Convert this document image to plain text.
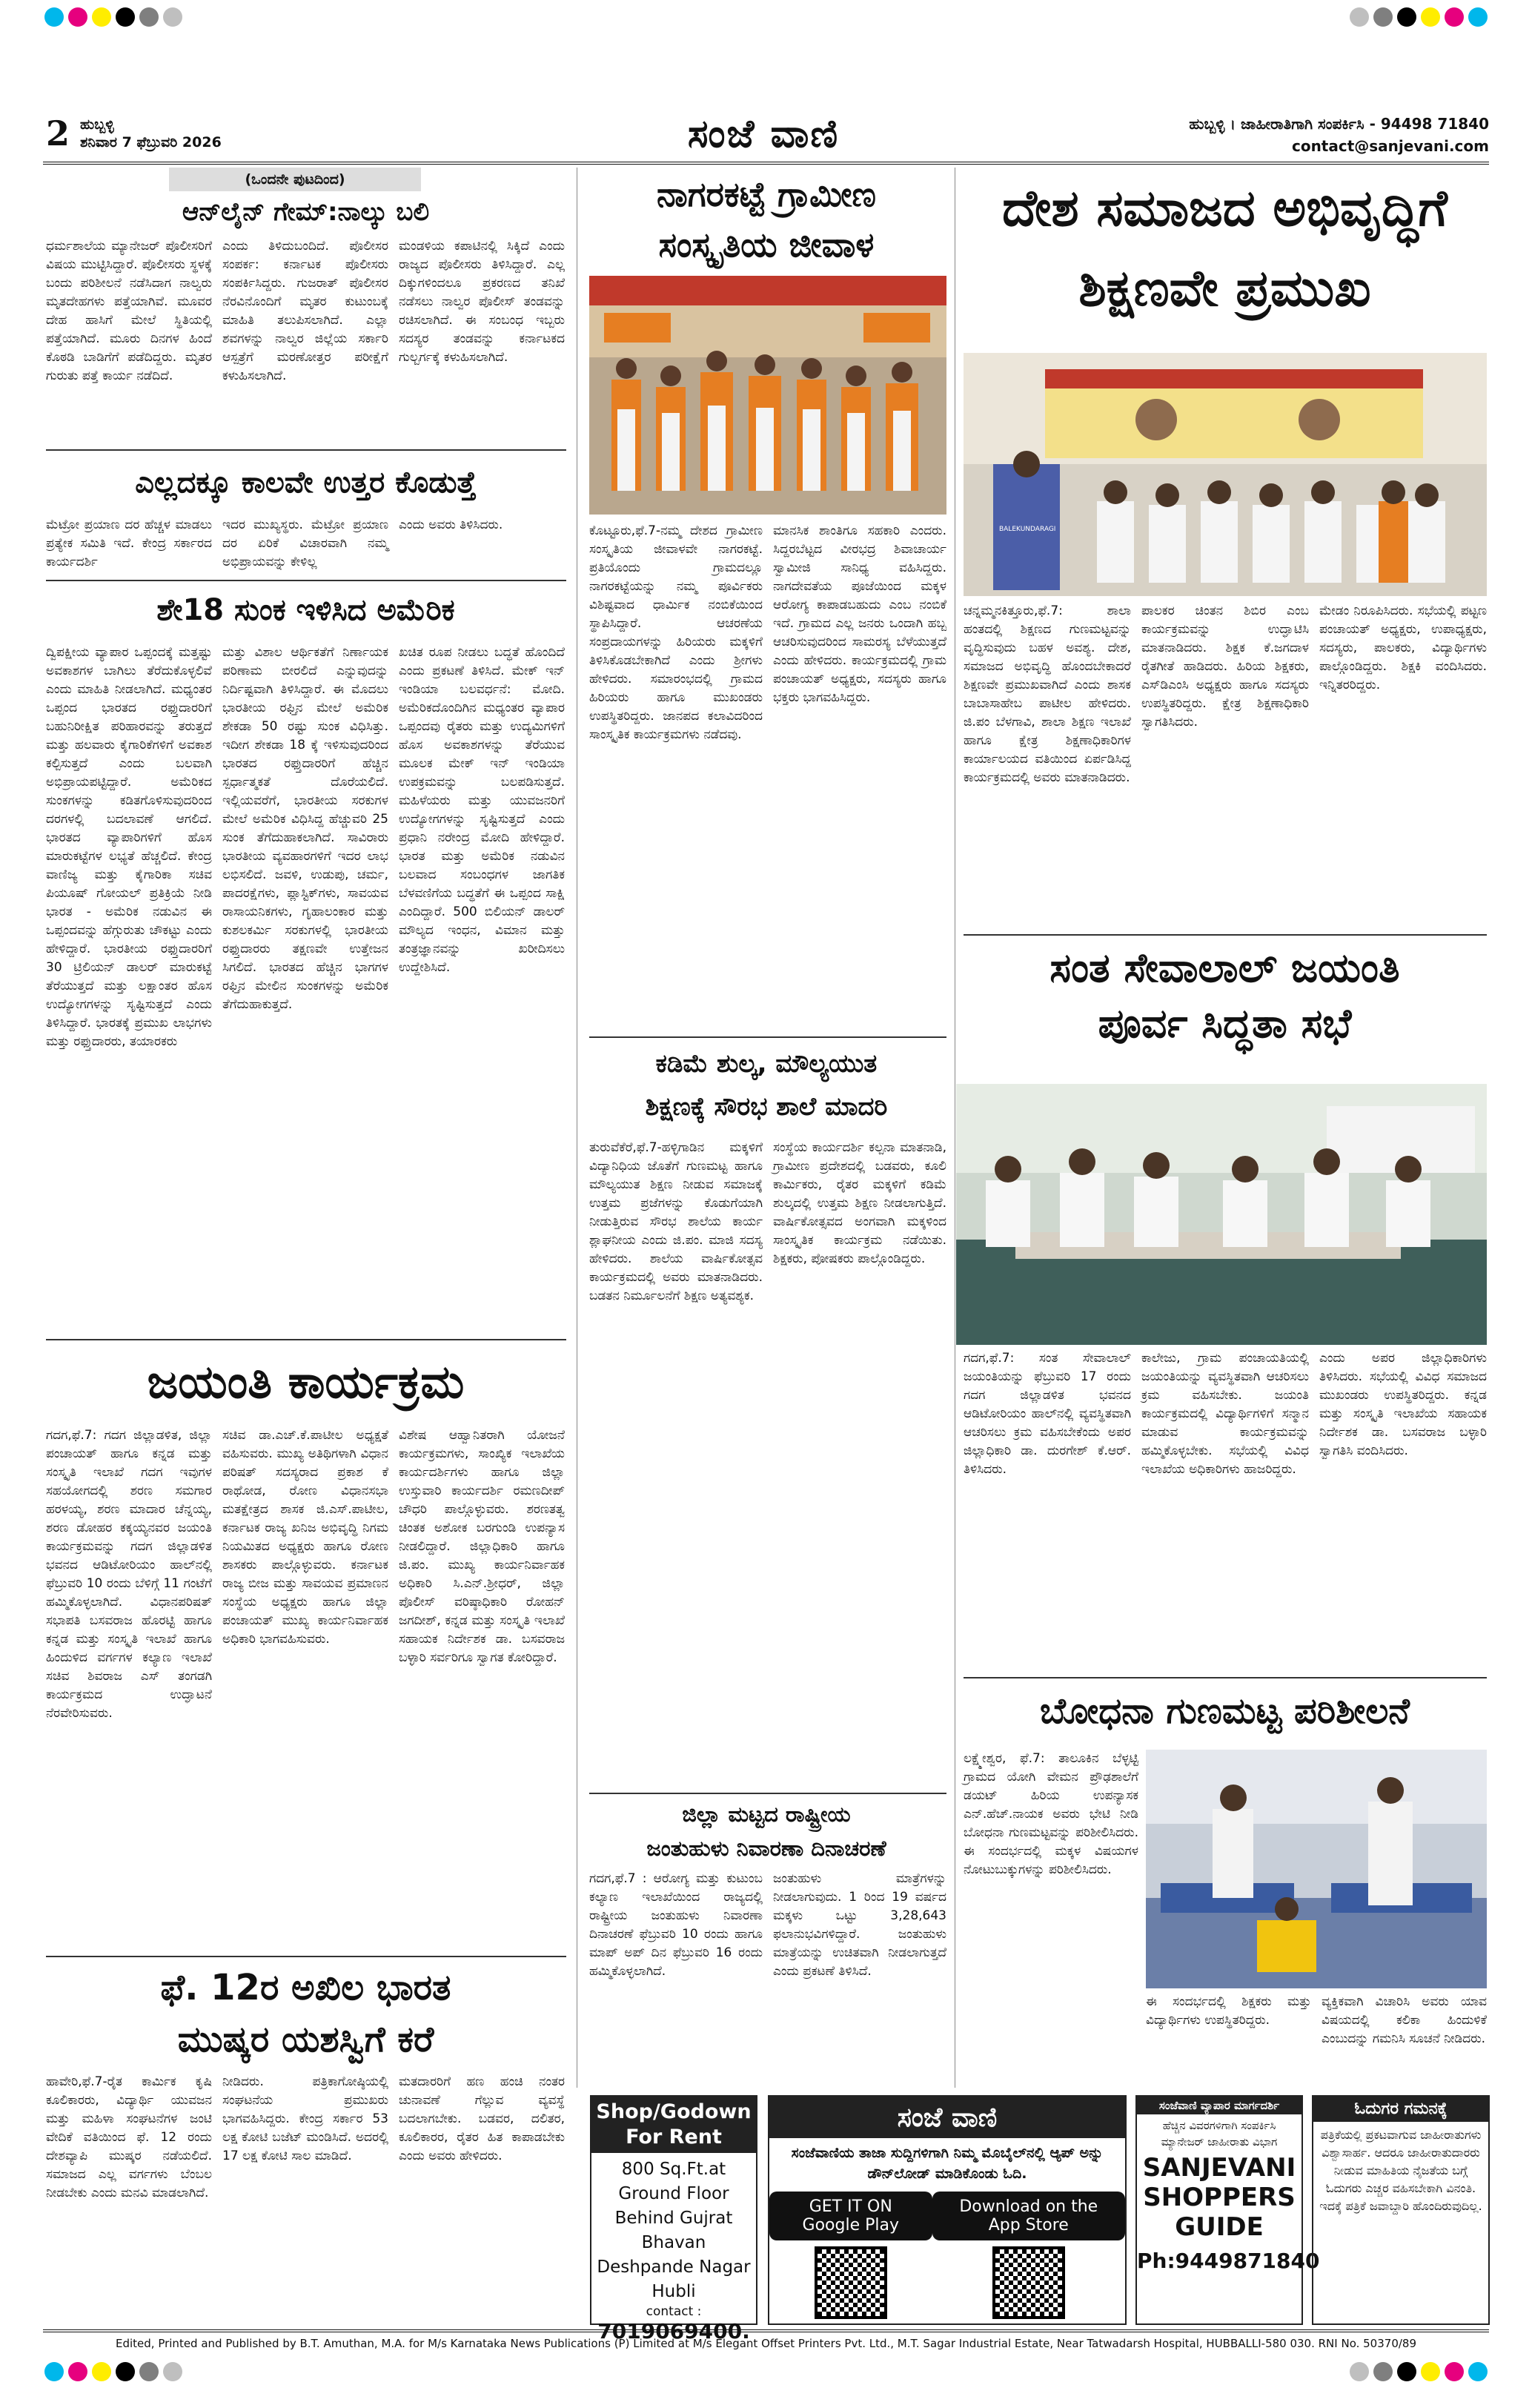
2 ಹುಬ್ಬಳ್ಳಿ
ಶನಿವಾರ 7 ಫೆಬ್ರುವರಿ 2026	ಸಂಜೆ ವಾಣಿ	ಹುಬ್ಬಳ್ಳಿ । ಜಾಹೀರಾತಿಗಾಗಿ ಸಂಪರ್ಕಿಸಿ - 94498 71840
contact@sanjevani.com
(ಒಂದನೇ ಪುಟದಿಂದ)
ಆನ್‌ಲೈನ್ ಗೇಮ್:ನಾಲ್ಕು ಬಲಿ

ಧರ್ಮಶಾಲೆಯ ಮ್ಯಾನೇಜರ್ ಪೊಲೀಸರಿಗೆ ವಿಷಯ ಮುಟ್ಟಿಸಿದ್ದಾರೆ. ಪೊಲೀಸರು ಸ್ಥಳಕ್ಕೆ ಬಂದು ಪರಿಶೀಲನೆ ನಡೆಸಿದಾಗ ನಾಲ್ವರು ಮೃತದೇಹಗಳು ಪತ್ತೆಯಾಗಿವೆ. ಮೂವರ ದೇಹ ಹಾಸಿಗೆ ಮೇಲೆ ಸ್ಥಿತಿಯಲ್ಲಿ ಪತ್ತೆಯಾಗಿದೆ. ಮೂರು ದಿನಗಳ ಹಿಂದೆ ಕೊಠಡಿ ಬಾಡಿಗೆಗೆ ಪಡೆದಿದ್ದರು. ಮೃತರ ಗುರುತು ಪತ್ತೆ ಕಾರ್ಯ ನಡೆದಿದೆ.

ಎಂದು ತಿಳಿದುಬಂದಿದೆ. ಪೊಲೀಸರ ಸಂಪರ್ಕ: ಕರ್ನಾಟಕ ಪೊಲೀಸರು ಸಂಪರ್ಕಿಸಿದ್ದರು. ಗುಜರಾತ್ ಪೊಲೀಸರ ನೆರವಿನೊಂದಿಗೆ ಮೃತರ ಕುಟುಂಬಕ್ಕೆ ಮಾಹಿತಿ ತಲುಪಿಸಲಾಗಿದೆ. ಎಲ್ಲಾ ಶವಗಳನ್ನು ನಾಲ್ವರ ಜಿಲ್ಲೆಯ ಸರ್ಕಾರಿ ಆಸ್ಪತ್ರೆಗೆ ಮರಣೋತ್ತರ ಪರೀಕ್ಷೆಗೆ ಕಳುಹಿಸಲಾಗಿದೆ.

ಮಂಡಳಿಯ ಕಪಾಟಿನಲ್ಲಿ ಸಿಕ್ಕಿದೆ ಎಂದು ರಾಜ್ಯದ ಪೊಲೀಸರು ತಿಳಿಸಿದ್ದಾರೆ. ಎಲ್ಲ ದಿಕ್ಕುಗಳಿಂದಲೂ ಪ್ರಕರಣದ ತನಿಖೆ ನಡೆಸಲು ನಾಲ್ವರ ಪೊಲೀಸ್ ತಂಡವನ್ನು ರಚಿಸಲಾಗಿದೆ. ಈ ಸಂಬಂಧ ಇಬ್ಬರು ಸದಸ್ಯರ ತಂಡವನ್ನು ಕರ್ನಾಟಕದ ಗುಲ್ಬರ್ಗಕ್ಕೆ ಕಳುಹಿಸಲಾಗಿದೆ.

ಎಲ್ಲದಕ್ಕೂ ಕಾಲವೇ ಉತ್ತರ ಕೊಡುತ್ತೆ

ಮೆಟ್ರೋ ಪ್ರಯಾಣ ದರ ಹೆಚ್ಚಳ ಮಾಡಲು ಪ್ರತ್ಯೇಕ ಸಮಿತಿ ಇದೆ. ಕೇಂದ್ರ ಸರ್ಕಾರದ ಕಾರ್ಯದರ್ಶಿ

ಇದರ ಮುಖ್ಯಸ್ಥರು. ಮೆಟ್ರೋ ಪ್ರಯಾಣ ದರ ಏರಿಕೆ ವಿಚಾರವಾಗಿ ನಮ್ಮ ಅಭಿಪ್ರಾಯವನ್ನು ಕೇಳಿಲ್ಲ

ಎಂದು ಅವರು ತಿಳಿಸಿದರು.

ಶೇ18 ಸುಂಕ ಇಳಿಸಿದ ಅಮೆರಿಕ

ದ್ವಿಪಕ್ಷೀಯ ವ್ಯಾಪಾರ ಒಪ್ಪಂದಕ್ಕೆ ಮತ್ತಷ್ಟು ಅವಕಾಶಗಳ ಬಾಗಿಲು ತೆರೆದುಕೊಳ್ಳಲಿವೆ ಎಂದು ಮಾಹಿತಿ ನೀಡಲಾಗಿದೆ. ಮಧ್ಯಂತರ ಒಪ್ಪಂದ ಭಾರತದ ರಫ್ತುದಾರರಿಗೆ ಬಹುನಿರೀಕ್ಷಿತ ಪರಿಹಾರವನ್ನು ತರುತ್ತದೆ ಮತ್ತು ಹಲವಾರು ಕೈಗಾರಿಕೆಗಳಿಗೆ ಅವಕಾಶ ಕಲ್ಪಿಸುತ್ತದೆ ಎಂದು ಬಲವಾಗಿ ಅಭಿಪ್ರಾಯಪಟ್ಟಿದ್ದಾರೆ. ಅಮೆರಿಕದ ಸುಂಕಗಳನ್ನು ಕಡಿತಗೊಳಿಸುವುದರಿಂದ ದರಗಳಲ್ಲಿ ಬದಲಾವಣೆ ಆಗಲಿದೆ. ಭಾರತದ ವ್ಯಾಪಾರಿಗಳಿಗೆ ಹೊಸ ಮಾರುಕಟ್ಟೆಗಳ ಲಭ್ಯತೆ ಹೆಚ್ಚಲಿದೆ. ಕೇಂದ್ರ ವಾಣಿಜ್ಯ ಮತ್ತು ಕೈಗಾರಿಕಾ ಸಚಿವ ಪಿಯೂಷ್ ಗೋಯಲ್ ಪ್ರತಿಕ್ರಿಯೆ ನೀಡಿ ಭಾರತ - ಅಮೆರಿಕ ನಡುವಿನ ಈ ಒಪ್ಪಂದವನ್ನು ಹೆಗ್ಗುರುತು ಚೌಕಟ್ಟು ಎಂದು ಹೇಳಿದ್ದಾರೆ. ಭಾರತೀಯ ರಫ್ತುದಾರರಿಗೆ 30 ಟ್ರಿಲಿಯನ್ ಡಾಲರ್ ಮಾರುಕಟ್ಟೆ ತೆರೆಯುತ್ತದೆ ಮತ್ತು ಲಕ್ಷಾಂತರ ಹೊಸ ಉದ್ಯೋಗಗಳನ್ನು ಸೃಷ್ಟಿಸುತ್ತದೆ ಎಂದು ತಿಳಿಸಿದ್ದಾರೆ. ಭಾರತಕ್ಕೆ ಪ್ರಮುಖ ಲಾಭಗಳು ಮತ್ತು ರಫ್ತುದಾರರು, ತಯಾರಕರು

ಮತ್ತು ವಿಶಾಲ ಆರ್ಥಿಕತೆಗೆ ನಿರ್ಣಾಯಕ ಪರಿಣಾಮ ಬೀರಲಿದೆ ಎನ್ನುವುದನ್ನು ನಿರ್ದಿಷ್ಟವಾಗಿ ತಿಳಿಸಿದ್ದಾರೆ. ಈ ಮೊದಲು ಭಾರತೀಯ ರಫ್ತಿನ ಮೇಲೆ ಅಮೆರಿಕ ಶೇಕಡಾ 50 ರಷ್ಟು ಸುಂಕ ವಿಧಿಸಿತ್ತು. ಇದೀಗ ಶೇಕಡಾ 18 ಕ್ಕೆ ಇಳಿಸುವುದರಿಂದ ಭಾರತದ ರಫ್ತುದಾರರಿಗೆ ಹೆಚ್ಚಿನ ಸ್ಪರ್ಧಾತ್ಮಕತೆ ದೊರೆಯಲಿದೆ. ಇಲ್ಲಿಯವರೆಗೆ, ಭಾರತೀಯ ಸರಕುಗಳ ಮೇಲೆ ಅಮೆರಿಕ ವಿಧಿಸಿದ್ದ ಹೆಚ್ಚುವರಿ 25 ಸುಂಕ ತೆಗೆದುಹಾಕಲಾಗಿದೆ. ಸಾವಿರಾರು ಭಾರತೀಯ ವ್ಯವಹಾರಗಳಿಗೆ ಇದರ ಲಾಭ ಲಭಿಸಲಿದೆ. ಜವಳಿ, ಉಡುಪು, ಚರ್ಮ, ಪಾದರಕ್ಷೆಗಳು, ಪ್ಲಾಸ್ಟಿಕ್‌ಗಳು, ಸಾವಯವ ರಾಸಾಯನಿಕಗಳು, ಗೃಹಾಲಂಕಾರ ಮತ್ತು ಕುಶಲಕರ್ಮಿ ಸರಕುಗಳಲ್ಲಿ ಭಾರತೀಯ ರಫ್ತುದಾರರು ತಕ್ಷಣವೇ ಉತ್ತೇಜನ ಸಿಗಲಿದೆ. ಭಾರತದ ಹೆಚ್ಚಿನ ಭಾಗಗಳ ರಫ್ತಿನ ಮೇಲಿನ ಸುಂಕಗಳನ್ನು ಅಮೆರಿಕ ತೆಗೆದುಹಾಕುತ್ತದೆ.

ಖಚಿತ ರೂಪ ನೀಡಲು ಬದ್ಧತೆ ಹೊಂದಿದೆ ಎಂದು ಪ್ರಕಟಣೆ ತಿಳಿಸಿದೆ. ಮೇಕ್ ಇನ್ ಇಂಡಿಯಾ ಬಲವರ್ಧನೆ: ಮೋದಿ. ಅಮೆರಿಕದೊಂದಿಗಿನ ಮಧ್ಯಂತರ ವ್ಯಾಪಾರ ಒಪ್ಪಂದವು ರೈತರು ಮತ್ತು ಉದ್ಯಮಿಗಳಿಗೆ ಹೊಸ ಅವಕಾಶಗಳನ್ನು ತೆರೆಯುವ ಮೂಲಕ ಮೇಕ್ ಇನ್ ಇಂಡಿಯಾ ಉಪಕ್ರಮವನ್ನು ಬಲಪಡಿಸುತ್ತದೆ. ಮಹಿಳೆಯರು ಮತ್ತು ಯುವಜನರಿಗೆ ಉದ್ಯೋಗಗಳನ್ನು ಸೃಷ್ಟಿಸುತ್ತದೆ ಎಂದು ಪ್ರಧಾನಿ ನರೇಂದ್ರ ಮೋದಿ ಹೇಳಿದ್ದಾರೆ. ಭಾರತ ಮತ್ತು ಅಮೆರಿಕ ನಡುವಿನ ಬಲವಾದ ಸಂಬಂಧಗಳ ಜಾಗತಿಕ ಬೆಳವಣಿಗೆಯ ಬದ್ಧತೆಗೆ ಈ ಒಪ್ಪಂದ ಸಾಕ್ಷಿ ಎಂದಿದ್ದಾರೆ. 500 ಬಿಲಿಯನ್ ಡಾಲರ್ ಮೌಲ್ಯದ ಇಂಧನ, ವಿಮಾನ ಮತ್ತು ತಂತ್ರಜ್ಞಾನವನ್ನು ಖರೀದಿಸಲು ಉದ್ದೇಶಿಸಿದೆ.

ಜಯಂತಿ ಕಾರ್ಯಕ್ರಮ

ಗದಗ,ಫೆ.7: ಗದಗ ಜಿಲ್ಲಾಡಳಿತ, ಜಿಲ್ಲಾ ಪಂಚಾಯತ್ ಹಾಗೂ ಕನ್ನಡ ಮತ್ತು ಸಂಸ್ಕೃತಿ ಇಲಾಖೆ ಗದಗ ಇವುಗಳ ಸಹಯೋಗದಲ್ಲಿ ಶರಣ ಸಮಗಾರ ಹರಳಯ್ಯ, ಶರಣ ಮಾದಾರ ಚೆನ್ನಯ್ಯ, ಶರಣ ಡೋಹರ ಕಕ್ಕಯ್ಯನವರ ಜಯಂತಿ ಕಾರ್ಯಕ್ರಮವನ್ನು ಗದಗ ಜಿಲ್ಲಾಡಳಿತ ಭವನದ ಆಡಿಟೋರಿಯಂ ಹಾಲ್‌ನಲ್ಲಿ ಫೆಬ್ರುವರಿ 10 ರಂದು ಬೆಳಿಗ್ಗೆ 11 ಗಂಟೆಗೆ ಹಮ್ಮಿಕೊಳ್ಳಲಾಗಿದೆ. ವಿಧಾನಪರಿಷತ್ ಸಭಾಪತಿ ಬಸವರಾಜ ಹೊರಟ್ಟಿ ಹಾಗೂ ಕನ್ನಡ ಮತ್ತು ಸಂಸ್ಕೃತಿ ಇಲಾಖೆ ಹಾಗೂ ಹಿಂದುಳಿದ ವರ್ಗಗಳ ಕಲ್ಯಾಣ ಇಲಾಖೆ ಸಚಿವ ಶಿವರಾಜ ಎಸ್ ತಂಗಡಗಿ ಕಾರ್ಯಕ್ರಮದ ಉದ್ಘಾಟನೆ ನೆರವೇರಿಸುವರು.

ಸಚಿವ ಡಾ.ಎಚ್.ಕೆ.ಪಾಟೀಲ ಅಧ್ಯಕ್ಷತೆ ವಹಿಸುವರು. ಮುಖ್ಯ ಅತಿಥಿಗಳಾಗಿ ವಿಧಾನ ಪರಿಷತ್ ಸದಸ್ಯರಾದ ಪ್ರಕಾಶ ಕೆ ರಾಥೋಡ, ರೋಣ ವಿಧಾನಸಭಾ ಮತಕ್ಷೇತ್ರದ ಶಾಸಕ ಜಿ.ಎಸ್.ಪಾಟೀಲ, ಕರ್ನಾಟಕ ರಾಜ್ಯ ಖನಿಜ ಅಭಿವೃದ್ಧಿ ನಿಗಮ ನಿಯಮಿತದ ಅಧ್ಯಕ್ಷರು ಹಾಗೂ ರೋಣ ಶಾಸಕರು ಪಾಲ್ಗೊಳ್ಳುವರು. ಕರ್ನಾಟಕ ರಾಜ್ಯ ಬೀಜ ಮತ್ತು ಸಾವಯವ ಪ್ರಮಾಣನ ಸಂಸ್ಥೆಯ ಅಧ್ಯಕ್ಷರು ಹಾಗೂ ಜಿಲ್ಲಾ ಪಂಚಾಯತ್ ಮುಖ್ಯ ಕಾರ್ಯನಿರ್ವಾಹಕ ಅಧಿಕಾರಿ ಭಾಗವಹಿಸುವರು.

ವಿಶೇಷ ಆಹ್ವಾನಿತರಾಗಿ ಯೋಜನೆ ಕಾರ್ಯಕ್ರಮಗಳು, ಸಾಂಖ್ಯಿಕ ಇಲಾಖೆಯ ಕಾರ್ಯದರ್ಶಿಗಳು ಹಾಗೂ ಜಿಲ್ಲಾ ಉಸ್ತುವಾರಿ ಕಾರ್ಯದರ್ಶಿ ರಮಣದೀಪ್ ಚೌಧರಿ ಪಾಲ್ಗೊಳ್ಳುವರು. ಶರಣತತ್ವ ಚಿಂತಕ ಅಶೋಕ ಬರಗುಂಡಿ ಉಪನ್ಯಾಸ ನೀಡಲಿದ್ದಾರೆ. ಜಿಲ್ಲಾಧಿಕಾರಿ ಹಾಗೂ ಜಿ.ಪಂ. ಮುಖ್ಯ ಕಾರ್ಯನಿರ್ವಾಹಕ ಅಧಿಕಾರಿ ಸಿ.ಎನ್.ಶ್ರೀಧರ್, ಜಿಲ್ಲಾ ಪೊಲೀಸ್ ವರಿಷ್ಠಾಧಿಕಾರಿ ರೋಹನ್ ಜಗದೀಶ್, ಕನ್ನಡ ಮತ್ತು ಸಂಸ್ಕೃತಿ ಇಲಾಖೆ ಸಹಾಯಕ ನಿರ್ದೇಶಕ ಡಾ. ಬಸವರಾಜ ಬಳ್ಳಾರಿ ಸರ್ವರಿಗೂ ಸ್ವಾಗತ ಕೋರಿದ್ದಾರೆ.

ಫೆ. 12ರ ಅಖಿಲ ಭಾರತ
ಮುಷ್ಕರ ಯಶಸ್ವಿಗೆ ಕರೆ

ಹಾವೇರಿ,ಫೆ.7-ರೈತ ಕಾರ್ಮಿಕ ಕೃಷಿ ಕೂಲಿಕಾರರು, ವಿದ್ಯಾರ್ಥಿ ಯುವಜನ ಮತ್ತು ಮಹಿಳಾ ಸಂಘಟನೆಗಳ ಜಂಟಿ ವೇದಿಕೆ ವತಿಯಿಂದ ಫೆ. 12 ರಂದು ದೇಶವ್ಯಾಪಿ ಮುಷ್ಕರ ನಡೆಯಲಿದೆ. ಸಮಾಜದ ಎಲ್ಲ ವರ್ಗಗಳು ಬೆಂಬಲ ನೀಡಬೇಕು ಎಂದು ಮನವಿ ಮಾಡಲಾಗಿದೆ.

ನೀಡಿದರು. ಪತ್ರಿಕಾಗೋಷ್ಠಿಯಲ್ಲಿ ಸಂಘಟನೆಯ ಪ್ರಮುಖರು ಭಾಗವಹಿಸಿದ್ದರು. ಕೇಂದ್ರ ಸರ್ಕಾರ 53 ಲಕ್ಷ ಕೋಟಿ ಬಜೆಟ್ ಮಂಡಿಸಿದೆ. ಅದರಲ್ಲಿ 17 ಲಕ್ಷ ಕೋಟಿ ಸಾಲ ಮಾಡಿದೆ.

ಮತದಾರರಿಗೆ ಹಣ ಹಂಚಿ ನಂತರ ಚುನಾವಣೆ ಗೆಲ್ಲುವ ವ್ಯವಸ್ಥೆ ಬದಲಾಗಬೇಕು. ಬಡವರ, ದಲಿತರ, ಕೂಲಿಕಾರರ, ರೈತರ ಹಿತ ಕಾಪಾಡಬೇಕು ಎಂದು ಅವರು ಹೇಳಿದರು.

ನಾಗರಕಟ್ಟೆ ಗ್ರಾಮೀಣ
ಸಂಸ್ಕೃತಿಯ ಜೀವಾಳ

ಕೊಟ್ಟೂರು,ಫೆ.7-ನಮ್ಮ ದೇಶದ ಗ್ರಾಮೀಣ ಸಂಸ್ಕೃತಿಯ ಜೀವಾಳವೇ ನಾಗರಕಟ್ಟೆ. ಪ್ರತಿಯೊಂದು ಗ್ರಾಮದಲ್ಲೂ ನಾಗರಕಟ್ಟೆಯನ್ನು ನಮ್ಮ ಪೂರ್ವಿಕರು ವಿಶಿಷ್ಟವಾದ ಧಾರ್ಮಿಕ ನಂಬಿಕೆಯಿಂದ ಸ್ಥಾಪಿಸಿದ್ದಾರೆ. ಆಚರಣೆಯ ಸಂಪ್ರದಾಯಗಳನ್ನು ಹಿರಿಯರು ಮಕ್ಕಳಿಗೆ ತಿಳಿಸಿಕೊಡಬೇಕಾಗಿದೆ ಎಂದು ಶ್ರೀಗಳು ಹೇಳಿದರು. ಸಮಾರಂಭದಲ್ಲಿ ಗ್ರಾಮದ ಹಿರಿಯರು ಹಾಗೂ ಮುಖಂಡರು ಉಪಸ್ಥಿತರಿದ್ದರು. ಜಾನಪದ ಕಲಾವಿದರಿಂದ ಸಾಂಸ್ಕೃತಿಕ ಕಾರ್ಯಕ್ರಮಗಳು ನಡೆದವು.

ಮಾನಸಿಕ ಶಾಂತಿಗೂ ಸಹಕಾರಿ ಎಂದರು. ಸಿದ್ದರಬೆಟ್ಟದ ವೀರಭದ್ರ ಶಿವಾಚಾರ್ಯ ಸ್ವಾಮೀಜಿ ಸಾನಿಧ್ಯ ವಹಿಸಿದ್ದರು. ನಾಗದೇವತೆಯ ಪೂಜೆಯಿಂದ ಮಕ್ಕಳ ಆರೋಗ್ಯ ಕಾಪಾಡಬಹುದು ಎಂಬ ನಂಬಿಕೆ ಇದೆ. ಗ್ರಾಮದ ಎಲ್ಲ ಜನರು ಒಂದಾಗಿ ಹಬ್ಬ ಆಚರಿಸುವುದರಿಂದ ಸಾಮರಸ್ಯ ಬೆಳೆಯುತ್ತದೆ ಎಂದು ಹೇಳಿದರು. ಕಾರ್ಯಕ್ರಮದಲ್ಲಿ ಗ್ರಾಮ ಪಂಚಾಯತ್ ಅಧ್ಯಕ್ಷರು, ಸದಸ್ಯರು ಹಾಗೂ ಭಕ್ತರು ಭಾಗವಹಿಸಿದ್ದರು.

ಕಡಿಮೆ ಶುಲ್ಕ, ಮೌಲ್ಯಯುತ
ಶಿಕ್ಷಣಕ್ಕೆ ಸೌರಭ ಶಾಲೆ ಮಾದರಿ

ತುರುವೆಕೆರೆ,ಫೆ.7-ಹಳ್ಳಿಗಾಡಿನ ಮಕ್ಕಳಿಗೆ ವಿದ್ಯಾನಿಧಿಯ ಜೊತೆಗೆ ಗುಣಮಟ್ಟ ಹಾಗೂ ಮೌಲ್ಯಯುತ ಶಿಕ್ಷಣ ನೀಡುವ ಸಮಾಜಕ್ಕೆ ಉತ್ತಮ ಪ್ರಜೆಗಳನ್ನು ಕೊಡುಗೆಯಾಗಿ ನೀಡುತ್ತಿರುವ ಸೌರಭ ಶಾಲೆಯ ಕಾರ್ಯ ಶ್ಲಾಘನೀಯ ಎಂದು ಜಿ.ಪಂ. ಮಾಜಿ ಸದಸ್ಯ ಹೇಳಿದರು. ಶಾಲೆಯ ವಾರ್ಷಿಕೋತ್ಸವ ಕಾರ್ಯಕ್ರಮದಲ್ಲಿ ಅವರು ಮಾತನಾಡಿದರು. ಬಡತನ ನಿರ್ಮೂಲನೆಗೆ ಶಿಕ್ಷಣ ಅತ್ಯವಶ್ಯಕ.

ಸಂಸ್ಥೆಯ ಕಾರ್ಯದರ್ಶಿ ಕಲ್ಪನಾ ಮಾತನಾಡಿ, ಗ್ರಾಮೀಣ ಪ್ರದೇಶದಲ್ಲಿ ಬಡವರು, ಕೂಲಿ ಕಾರ್ಮಿಕರು, ರೈತರ ಮಕ್ಕಳಿಗೆ ಕಡಿಮೆ ಶುಲ್ಕದಲ್ಲಿ ಉತ್ತಮ ಶಿಕ್ಷಣ ನೀಡಲಾಗುತ್ತಿದೆ. ವಾರ್ಷಿಕೋತ್ಸವದ ಅಂಗವಾಗಿ ಮಕ್ಕಳಿಂದ ಸಾಂಸ್ಕೃತಿಕ ಕಾರ್ಯಕ್ರಮ ನಡೆಯಿತು. ಶಿಕ್ಷಕರು, ಪೋಷಕರು ಪಾಲ್ಗೊಂಡಿದ್ದರು.

ಜಿಲ್ಲಾ ಮಟ್ಟದ ರಾಷ್ಟ್ರೀಯ
ಜಂತುಹುಳು ನಿವಾರಣಾ ದಿನಾಚರಣೆ

ಗದಗ,ಫೆ.7 : ಆರೋಗ್ಯ ಮತ್ತು ಕುಟುಂಬ ಕಲ್ಯಾಣ ಇಲಾಖೆಯಿಂದ ರಾಜ್ಯದಲ್ಲಿ ರಾಷ್ಟ್ರೀಯ ಜಂತುಹುಳು ನಿವಾರಣಾ ದಿನಾಚರಣೆ ಫೆಬ್ರುವರಿ 10 ರಂದು ಹಾಗೂ ಮಾಪ್ ಅಪ್ ದಿನ ಫೆಬ್ರುವರಿ 16 ರಂದು ಹಮ್ಮಿಕೊಳ್ಳಲಾಗಿದೆ.

ಜಂತುಹುಳು ಮಾತ್ರೆಗಳನ್ನು ನೀಡಲಾಗುವುದು. 1 ರಿಂದ 19 ವರ್ಷದ ಮಕ್ಕಳು ಒಟ್ಟು 3,28,643 ಫಲಾನುಭವಿಗಳಿದ್ದಾರೆ. ಜಂತುಹುಳು ಮಾತ್ರೆಯನ್ನು ಉಚಿತವಾಗಿ ನೀಡಲಾಗುತ್ತದೆ ಎಂದು ಪ್ರಕಟಣೆ ತಿಳಿಸಿದೆ.

ದೇಶ ಸಮಾಜದ ಅಭಿವೃದ್ಧಿಗೆ
ಶಿಕ್ಷಣವೇ ಪ್ರಮುಖ
BALEKUNDARAGI

ಚನ್ನಮ್ಮನಕಿತ್ತೂರು,ಫೆ.7: ಶಾಲಾ ಹಂತದಲ್ಲಿ ಶಿಕ್ಷಣದ ಗುಣಮಟ್ಟವನ್ನು ವೃದ್ಧಿಸುವುದು ಬಹಳ ಅವಶ್ಯ. ದೇಶ, ಸಮಾಜದ ಅಭಿವೃದ್ಧಿ ಹೊಂದಬೇಕಾದರೆ ಶಿಕ್ಷಣವೇ ಪ್ರಮುಖವಾಗಿದೆ ಎಂದು ಶಾಸಕ ಬಾಬಾಸಾಹೇಬ ಪಾಟೀಲ ಹೇಳಿದರು. ಜಿ.ಪಂ ಬೆಳಗಾವಿ, ಶಾಲಾ ಶಿಕ್ಷಣ ಇಲಾಖೆ ಹಾಗೂ ಕ್ಷೇತ್ರ ಶಿಕ್ಷಣಾಧಿಕಾರಿಗಳ ಕಾರ್ಯಾಲಯದ ವತಿಯಿಂದ ಏರ್ಪಡಿಸಿದ್ದ ಕಾರ್ಯಕ್ರಮದಲ್ಲಿ ಅವರು ಮಾತನಾಡಿದರು.

ಪಾಲಕರ ಚಿಂತನ ಶಿಬಿರ ಎಂಬ ಕಾರ್ಯಕ್ರಮವನ್ನು ಉದ್ಘಾಟಿಸಿ ಮಾತನಾಡಿದರು. ಶಿಕ್ಷಕ ಕೆ.ಜಗದಾಳ ರೈತಗೀತೆ ಹಾಡಿದರು. ಹಿರಿಯ ಶಿಕ್ಷಕರು, ಎಸ್‌ಡಿಎಂಸಿ ಅಧ್ಯಕ್ಷರು ಹಾಗೂ ಸದಸ್ಯರು ಉಪಸ್ಥಿತರಿದ್ದರು. ಕ್ಷೇತ್ರ ಶಿಕ್ಷಣಾಧಿಕಾರಿ ಸ್ವಾಗತಿಸಿದರು.

ಮೇಡಂ ನಿರೂಪಿಸಿದರು. ಸಭೆಯಲ್ಲಿ ಪಟ್ಟಣ ಪಂಚಾಯತ್ ಅಧ್ಯಕ್ಷರು, ಉಪಾಧ್ಯಕ್ಷರು, ಸದಸ್ಯರು, ಪಾಲಕರು, ವಿದ್ಯಾರ್ಥಿಗಳು ಪಾಲ್ಗೊಂಡಿದ್ದರು. ಶಿಕ್ಷಕಿ ವಂದಿಸಿದರು. ಇನ್ನಿತರರಿದ್ದರು.

ಸಂತ ಸೇವಾಲಾಲ್ ಜಯಂತಿ
ಪೂರ್ವ ಸಿದ್ಧತಾ ಸಭೆ

ಗದಗ,ಫೆ.7: ಸಂತ ಸೇವಾಲಾಲ್ ಜಯಂತಿಯನ್ನು ಫೆಬ್ರುವರಿ 17 ರಂದು ಗದಗ ಜಿಲ್ಲಾಡಳಿತ ಭವನದ ಆಡಿಟೋರಿಯಂ ಹಾಲ್‌ನಲ್ಲಿ ವ್ಯವಸ್ಥಿತವಾಗಿ ಆಚರಿಸಲು ಕ್ರಮ ವಹಿಸಬೇಕೆಂದು ಅಪರ ಜಿಲ್ಲಾಧಿಕಾರಿ ಡಾ. ದುರಗೇಶ್ ಕೆ.ಆರ್. ತಿಳಿಸಿದರು.

ಕಾಲೇಜು, ಗ್ರಾಮ ಪಂಚಾಯತಿಯಲ್ಲಿ ಜಯಂತಿಯನ್ನು ವ್ಯವಸ್ಥಿತವಾಗಿ ಆಚರಿಸಲು ಕ್ರಮ ವಹಿಸಬೇಕು. ಜಯಂತಿ ಕಾರ್ಯಕ್ರಮದಲ್ಲಿ ವಿದ್ಯಾರ್ಥಿಗಳಿಗೆ ಸನ್ಮಾನ ಮಾಡುವ ಕಾರ್ಯಕ್ರಮವನ್ನು ಹಮ್ಮಿಕೊಳ್ಳಬೇಕು. ಸಭೆಯಲ್ಲಿ ವಿವಿಧ ಇಲಾಖೆಯ ಅಧಿಕಾರಿಗಳು ಹಾಜರಿದ್ದರು.

ಎಂದು ಅಪರ ಜಿಲ್ಲಾಧಿಕಾರಿಗಳು ತಿಳಿಸಿದರು. ಸಭೆಯಲ್ಲಿ ವಿವಿಧ ಸಮಾಜದ ಮುಖಂಡರು ಉಪಸ್ಥಿತರಿದ್ದರು. ಕನ್ನಡ ಮತ್ತು ಸಂಸ್ಕೃತಿ ಇಲಾಖೆಯ ಸಹಾಯಕ ನಿರ್ದೇಶಕ ಡಾ. ಬಸವರಾಜ ಬಳ್ಳಾರಿ ಸ್ವಾಗತಿಸಿ ವಂದಿಸಿದರು.

ಬೋಧನಾ ಗುಣಮಟ್ಟ ಪರಿಶೀಲನೆ

ಲಕ್ಷ್ಮೇಶ್ವರ, ಫೆ.7: ತಾಲೂಕಿನ ಬೆಳ್ಳಟ್ಟಿ ಗ್ರಾಮದ ಯೋಗಿ ವೇಮನ ಪ್ರೌಢಶಾಲೆಗೆ ಡಯಟ್ ಹಿರಿಯ ಉಪನ್ಯಾಸಕ ಎನ್.ಹೆಚ್.ನಾಯಕ ಅವರು ಭೇಟಿ ನೀಡಿ ಬೋಧನಾ ಗುಣಮಟ್ಟವನ್ನು ಪರಿಶೀಲಿಸಿದರು. ಈ ಸಂದರ್ಭದಲ್ಲಿ ಮಕ್ಕಳ ವಿಷಯಗಳ ನೋಟುಬುಕ್ಕುಗಳನ್ನು ಪರಿಶೀಲಿಸಿದರು.

ಈ ಸಂದರ್ಭದಲ್ಲಿ ಶಿಕ್ಷಕರು ಮತ್ತು ವಿದ್ಯಾರ್ಥಿಗಳು ಉಪಸ್ಥಿತರಿದ್ದರು.

ವ್ಯಕ್ತಿಕವಾಗಿ ವಿಚಾರಿಸಿ ಅವರು ಯಾವ ವಿಷಯದಲ್ಲಿ ಕಲಿಕಾ ಹಿಂದುಳಿಕೆ ಎಂಬುದನ್ನು ಗಮನಿಸಿ ಸೂಚನೆ ನೀಡಿದರು.

Shop/Godown For Rent
800 Sq.Ft.at Ground Floor Behind Gujrat Bhavan Deshpande Nagar Hubli
contact :
7019069400.
ಸಂಜೆ ವಾಣಿ
ಸಂಜೆವಾಣಿಯ ತಾಜಾ ಸುದ್ದಿಗಳಿಗಾಗಿ ನಿಮ್ಮ ಮೊಬೈಲ್‌ನಲ್ಲಿ ಆ್ಯಪ್ ಅನ್ನು ಡೌನ್‌ಲೋಡ್ ಮಾಡಿಕೊಂಡು ಓದಿ.
GET IT ON Google Play
Download on the App Store
ಸಂಜೆವಾಣಿ ವ್ಯಾಪಾರ ಮಾರ್ಗದರ್ಶಿ
ಹೆಚ್ಚಿನ ವಿವರಗಳಿಗಾಗಿ ಸಂಪರ್ಕಿಸಿ ಮ್ಯಾನೇಜರ್ ಜಾಹೀರಾತು ವಿಭಾಗ
SANJEVANI SHOPPERS GUIDE
Ph:9449871840
ಓದುಗರ ಗಮನಕ್ಕೆ
ಪತ್ರಿಕೆಯಲ್ಲಿ ಪ್ರಕಟವಾಗುವ ಜಾಹೀರಾತುಗಳು ವಿಶ್ವಾಸಾರ್ಹ. ಆದರೂ ಜಾಹೀರಾತುದಾರರು ನೀಡುವ ಮಾಹಿತಿಯ ನೈಜತೆಯ ಬಗ್ಗೆ ಓದುಗರು ಎಚ್ಚರ ವಹಿಸಬೇಕಾಗಿ ವಿನಂತಿ. ಇದಕ್ಕೆ ಪತ್ರಿಕೆ ಜವಾಬ್ದಾರಿ ಹೊಂದಿರುವುದಿಲ್ಲ.
Edited, Printed and Published by B.T. Amuthan, M.A. for M/s Karnataka News Publications (P) Limited at M/s Elegant Offset Printers Pvt. Ltd., M.T. Sagar Industrial Estate, Near Tatwadarsh Hospital, HUBBALLI-580 030. RNI No. 50370/89
